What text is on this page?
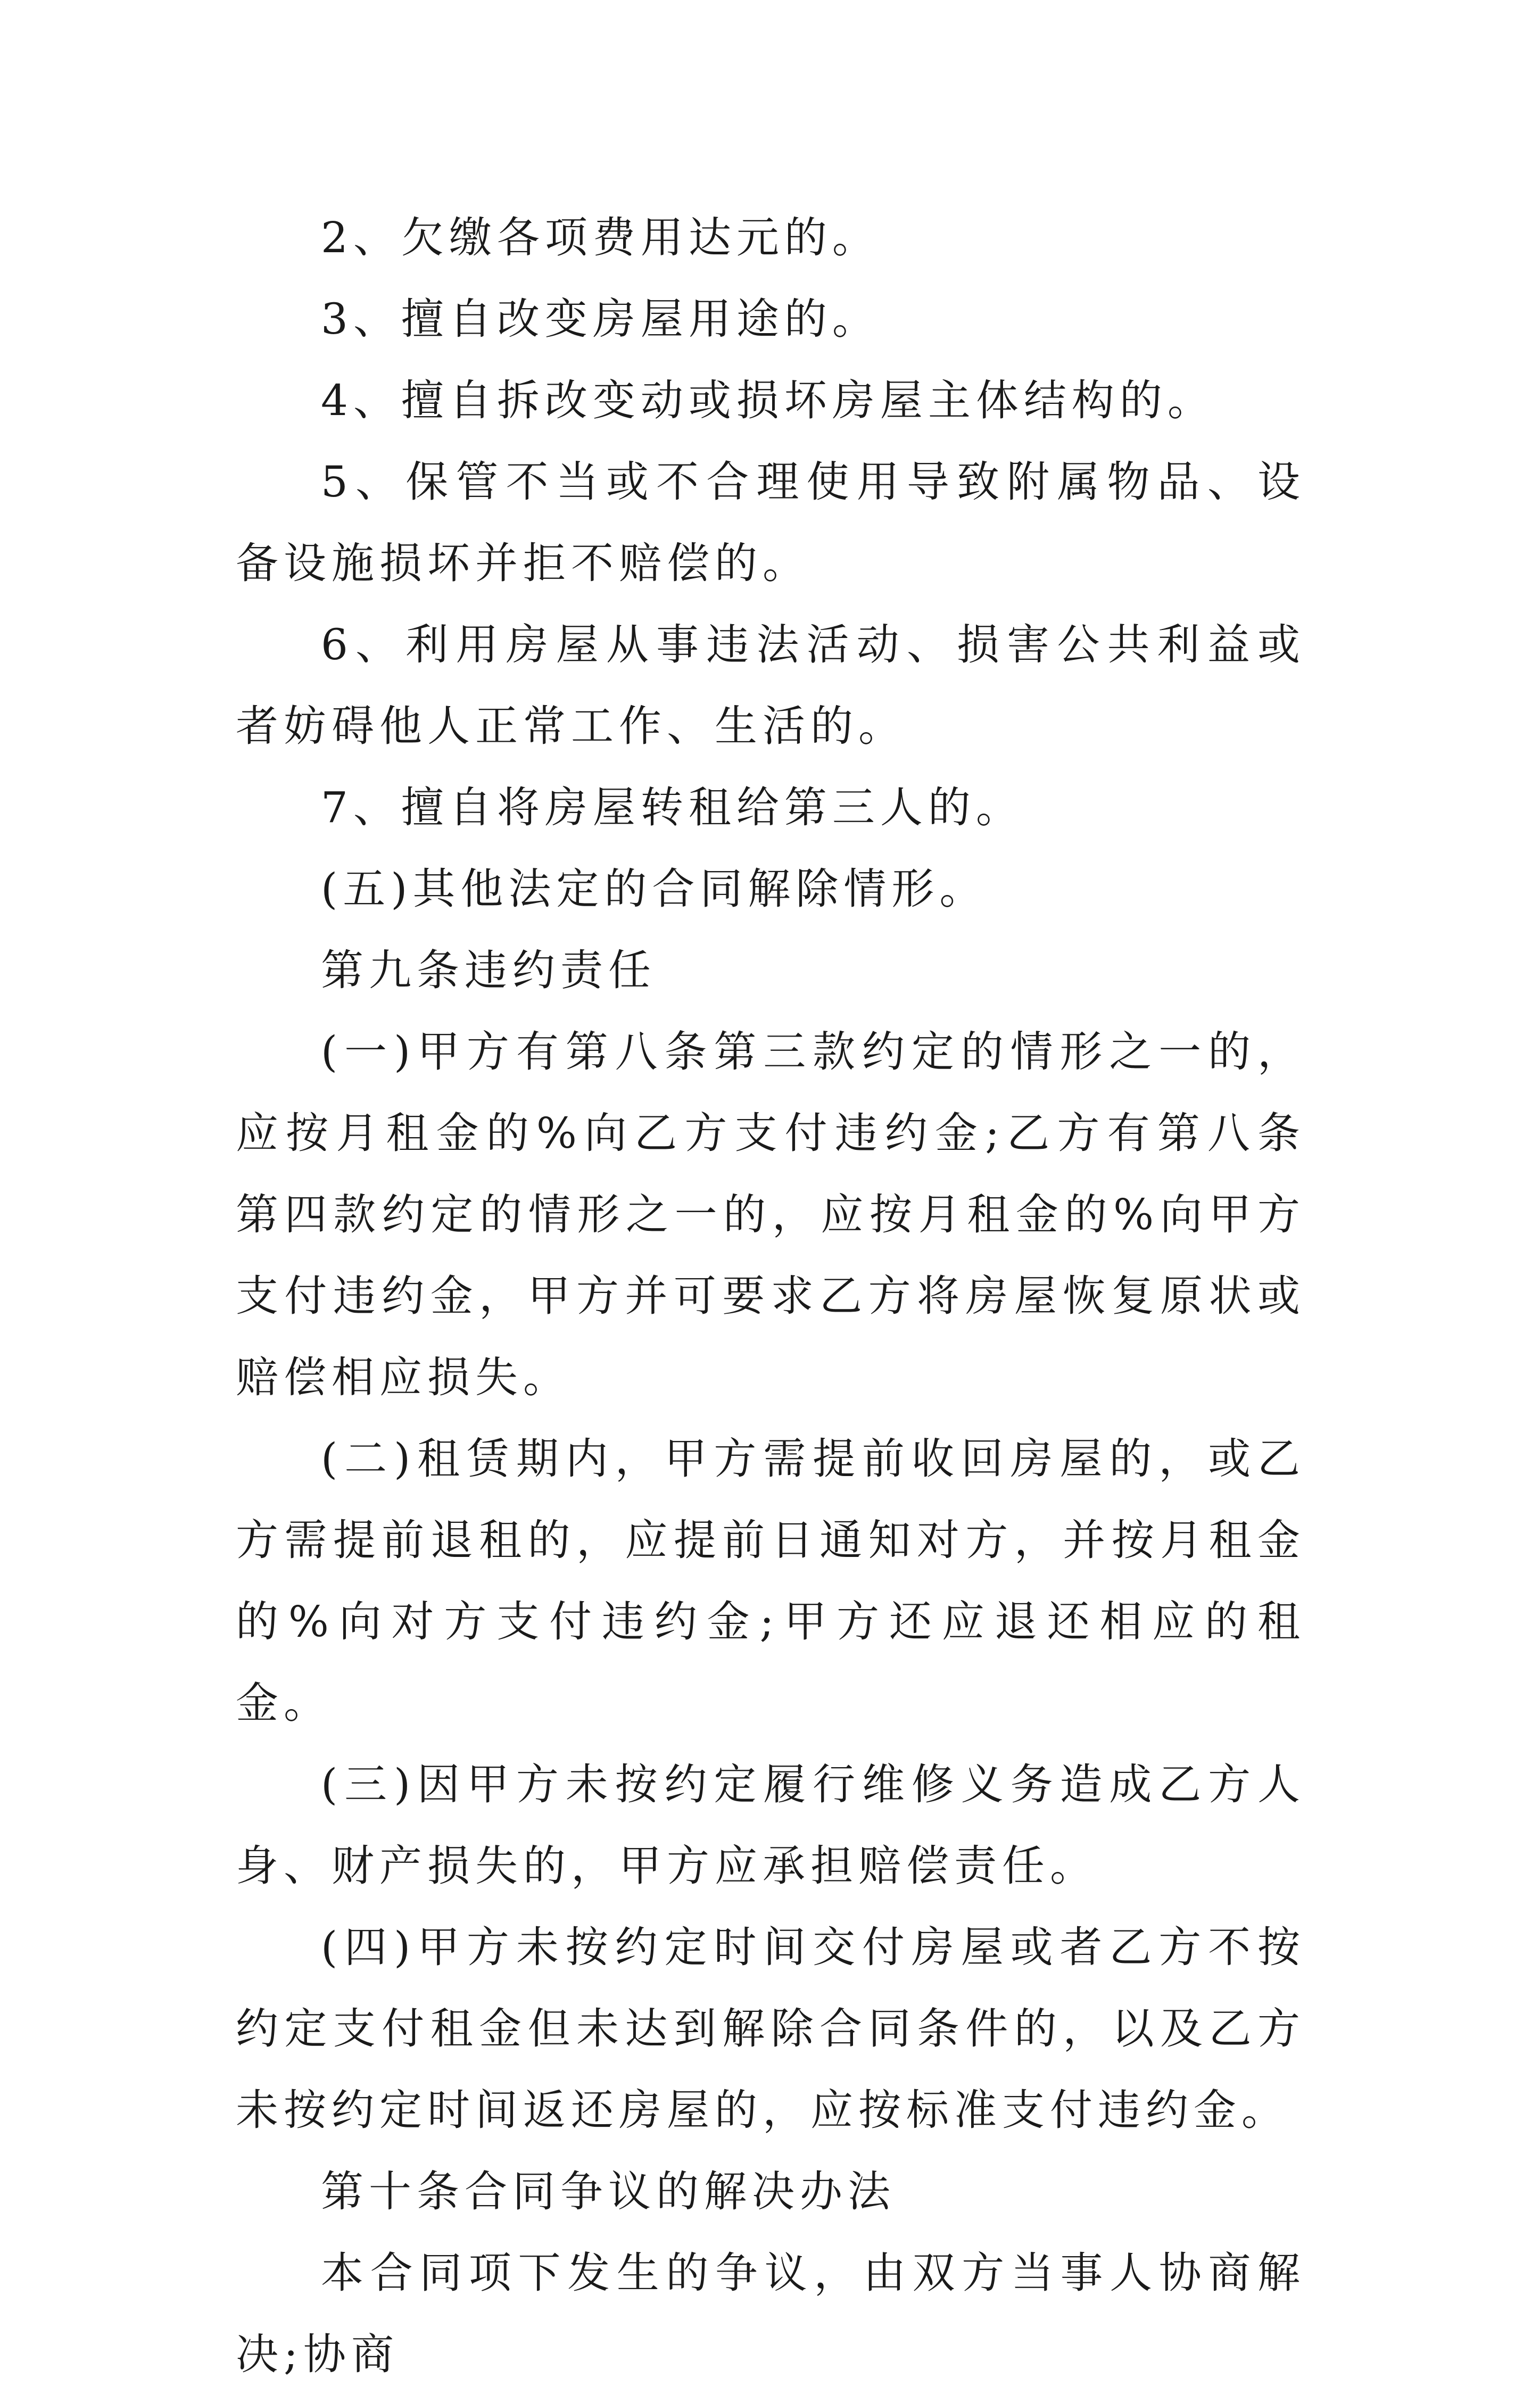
2、欠缴各项费用达元的。

3、擅自改变房屋用途的。

4、擅自拆改变动或损坏房屋主体结构的。

5、保管不当或不合理使用导致附属物品、设备设施损坏并拒不赔偿的。

6、利用房屋从事违法活动、损害公共利益或者妨碍他人正常工作、生活的。

7、擅自将房屋转租给第三人的。

(五)其他法定的合同解除情形。

第九条违约责任

(一)甲方有第八条第三款约定的情形之一的，应按月租金的%向乙方支付违约金;乙方有第八条第四款约定的情形之一的，应按月租金的%向甲方支付违约金，甲方并可要求乙方将房屋恢复原状或赔偿相应损失。

(二)租赁期内，甲方需提前收回房屋的，或乙方需提前退租的，应提前日通知对方，并按月租金的%向对方支付违约金;甲方还应退还相应的租金。

(三)因甲方未按约定履行维修义务造成乙方人身、财产损失的，甲方应承担赔偿责任。

(四)甲方未按约定时间交付房屋或者乙方不按约定支付租金但未达到解除合同条件的，以及乙方未按约定时间返还房屋的，应按标准支付违约金。

第十条合同争议的解决办法

本合同项下发生的争议，由双方当事人协商解决;协商
